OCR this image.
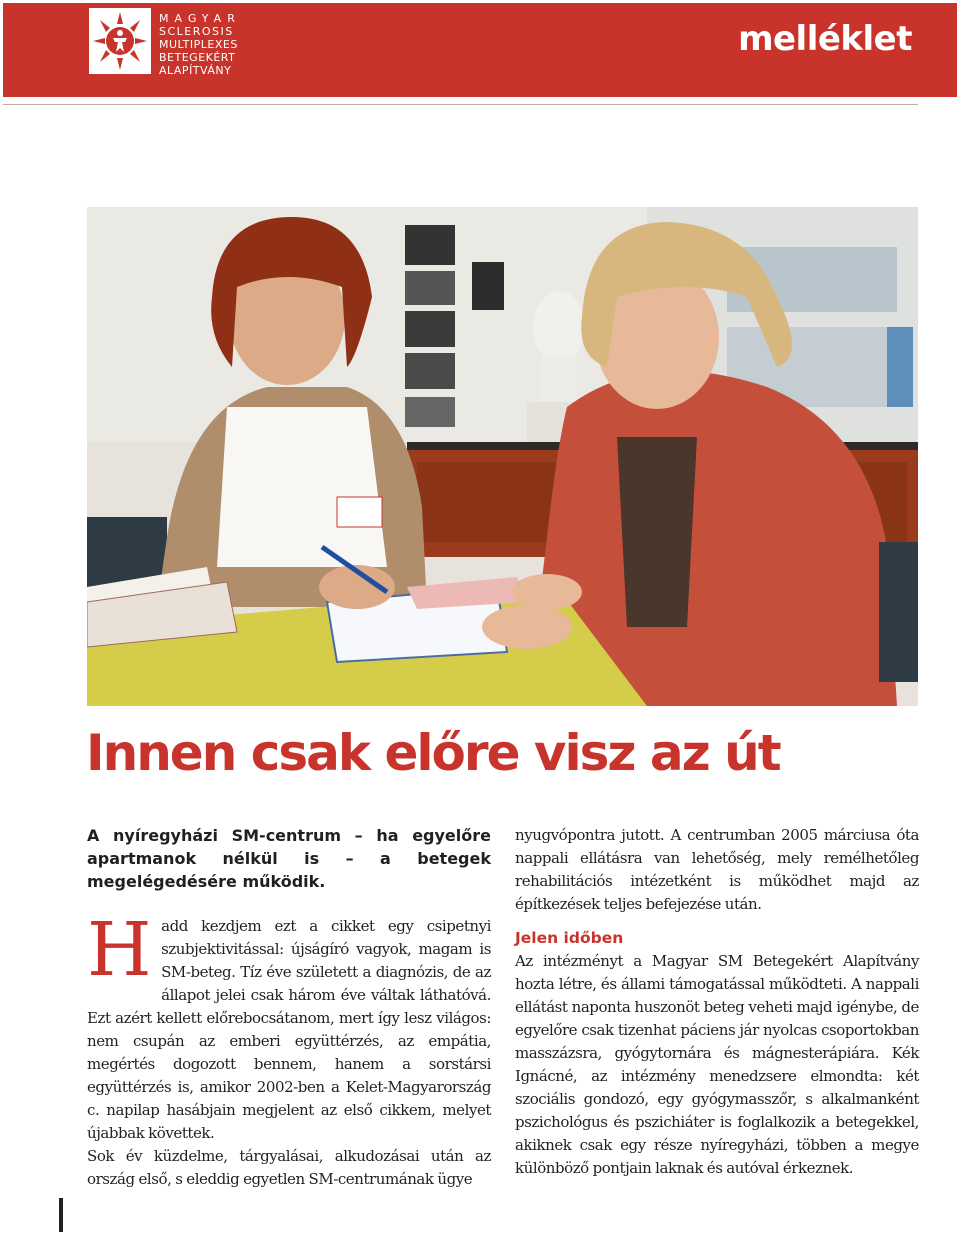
MAGYAR
SCLEROSIS
MULTIPLEXES
BETEGEKÉRT
ALAPÍTVÁNY
melléklet
Innen csak előre visz az út
A nyíregyházi SM-centrum – ha egyelőre apartmanok nélkül is – a betegek megelégedésére működik.
H add kezdjem ezt a cikket egy csipetnyi szubjektivitással: újságíró vagyok, magam is SM-beteg. Tíz éve született a diagnózis, de az állapot jelei csak három éve váltak láthatóvá. Ezt azért kellett előrebocsátanom, mert így lesz világos: nem csupán az emberi együttérzés, az empátia, megértés dogozott bennem, hanem a sorstársi együttérzés is, amikor 2002-ben a Kelet-Magyarország c. napilap hasábjain megjelent az első cikkem, melyet újabbak követtek.
Sok év küzdelme, tárgyalásai, alkudozásai után az ország első, s eleddig egyetlen SM-centrumának ügye
nyugvópontra jutott. A centrumban 2005 márciusa óta nappali ellátásra van lehetőség, mely remélhetőleg rehabilitációs intézetként is működhet majd az építkezések teljes befejezése után.
Jelen időben
Az intézményt a Magyar SM Betegekért Alapítvány hozta létre, és állami támogatással működteti. A nappali ellátást naponta huszonöt beteg veheti majd igénybe, de egyelőre csak tizenhat páciens jár nyolcas csoportokban masszázsra, gyógytornára és mágnesterápiára. Kék Ignácné, az intézmény menedzsere elmondta: két szociális gondozó, egy gyógymasszőr, s alkalmanként pszichológus és pszichiáter is foglalkozik a betegekkel, akiknek csak egy része nyíregyházi, többen a megye különböző pontjain laknak és autóval érkeznek.
